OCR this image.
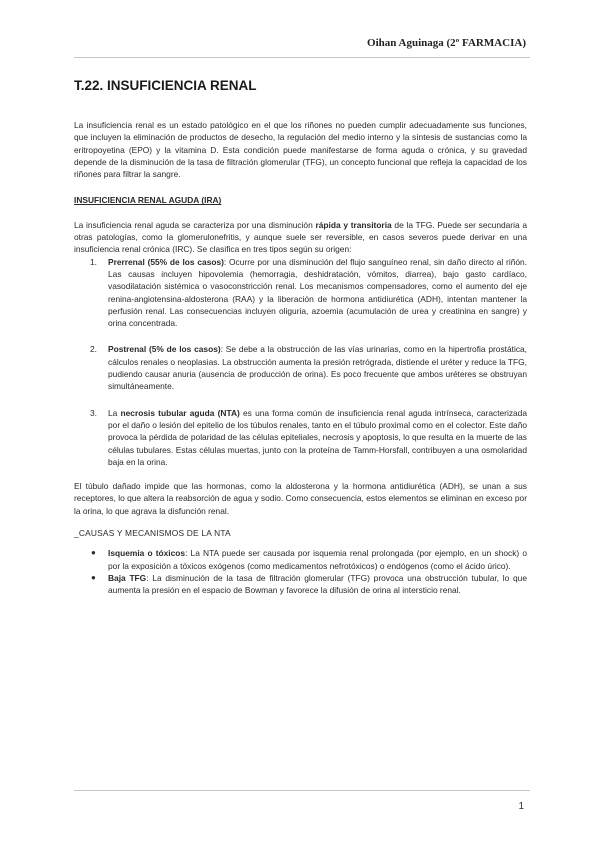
Oihan Aguinaga (2º FARMACIA)
T.22. INSUFICIENCIA RENAL

La insuficiencia renal es un estado patológico en el que los riñones no pueden cumplir adecuadamente sus funciones, que incluyen la eliminación de productos de desecho, la regulación del medio interno y la síntesis de sustancias como la eritropoyetina (EPO) y la vitamina D. Esta condición puede manifestarse de forma aguda o crónica, y su gravedad depende de la disminución de la tasa de filtración glomerular (TFG), un concepto funcional que refleja la capacidad de los riñones para filtrar la sangre.

INSUFICIENCIA RENAL AGUDA (IRA)

La insuficiencia renal aguda se caracteriza por una disminución rápida y transitoria de la TFG. Puede ser secundaria a otras patologías, como la glomerulonefritis, y aunque suele ser reversible, en casos severos puede derivar en una insuficiencia renal crónica (IRC). Se clasifica en tres tipos según su origen:

1. Prerrenal (55% de los casos): Ocurre por una disminución del flujo sanguíneo renal, sin daño directo al riñón. Las causas incluyen hipovolemia (hemorragia, deshidratación, vómitos, diarrea), bajo gasto cardíaco, vasodilatación sistémica o vasoconstricción renal. Los mecanismos compensadores, como el aumento del eje renina-angiotensina-aldosterona (RAA) y la liberación de hormona antidiurética (ADH), intentan mantener la perfusión renal. Las consecuencias incluyen oliguria, azoemia (acumulación de urea y creatinina en sangre) y orina concentrada.
2. Postrenal (5% de los casos): Se debe a la obstrucción de las vías urinarias, como en la hipertrofia prostática, cálculos renales o neoplasias. La obstrucción aumenta la presión retrógrada, distiende el uréter y reduce la TFG, pudiendo causar anuria (ausencia de producción de orina). Es poco frecuente que ambos uréteres se obstruyan simultáneamente.
3. La necrosis tubular aguda (NTA) es una forma común de insuficiencia renal aguda intrínseca, caracterizada por el daño o lesión del epitelio de los túbulos renales, tanto en el túbulo proximal como en el colector. Este daño provoca la pérdida de polaridad de las células epiteliales, necrosis y apoptosis, lo que resulta en la muerte de las células tubulares. Estas células muertas, junto con la proteína de Tamm-Horsfall, contribuyen a una osmolaridad baja en la orina.

El túbulo dañado impide que las hormonas, como la aldosterona y la hormona antidiurética (ADH), se unan a sus receptores, lo que altera la reabsorción de agua y sodio. Como consecuencia, estos elementos se eliminan en exceso por la orina, lo que agrava la disfunción renal.

_CAUSAS Y MECANISMOS DE LA NTA

● Isquemia o tóxicos: La NTA puede ser causada por isquemia renal prolongada (por ejemplo, en un shock) o por la exposición a tóxicos exógenos (como medicamentos nefrotóxicos) o endógenos (como el ácido úrico).
● Baja TFG: La disminución de la tasa de filtración glomerular (TFG) provoca una obstrucción tubular, lo que aumenta la presión en el espacio de Bowman y favorece la difusión de orina al intersticio renal.
1
